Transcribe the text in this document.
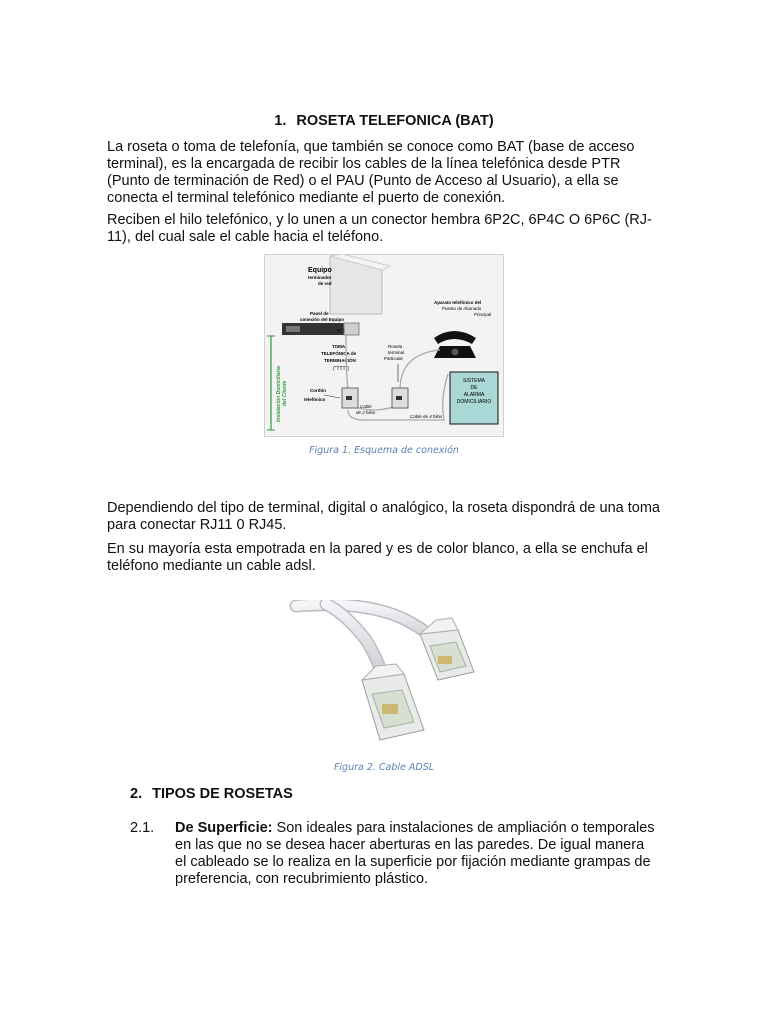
1. ROSETA TELEFONICA (BAT)

La roseta o toma de telefonía, que también se conoce como BAT (base de acceso terminal), es la encargada de recibir los cables de la línea telefónica desde PTR (Punto de terminación de Red) o el PAU (Punto de Acceso al Usuario), a ella se conecta el terminal telefónico mediante el puerto de conexión.

Reciben el hilo telefónico, y lo unen a un conector hembra 6P2C, 6P4C O 6P6C (RJ-11), del cual sale el cable hacia el teléfono.

Equipo
terminador
de red
Panel de
conexión del Equipo
=▢
Instalación Domiciliaria del Cliente
TOMA
TELEFÓNICA de
TERMINACIÓN
("TTT")
Roseta
terminal
Particular
Aparato telefónico del
Puesto de Abonado
Principal
SISTEMA
DE
ALARMA
DOMICILIARIO
Cordón
telefónico
Cable
de 2 hilos
Cable de 4 hilos
Figura 1. Esquema de conexión

Dependiendo del tipo de terminal, digital o analógico, la roseta dispondrá de una toma para conectar RJ11 0 RJ45.

En su mayoría esta empotrada en la pared y es de color blanco, a ella se enchufa el teléfono mediante un cable adsl.

Figura 2. Cable ADSL
2. TIPOS DE ROSETAS
2.1. De Superficie: Son ideales para instalaciones de ampliación o temporales en las que no se desea hacer aberturas en las paredes. De igual manera el cableado se lo realiza en la superficie por fijación mediante grampas de preferencia, con recubrimiento plástico.
